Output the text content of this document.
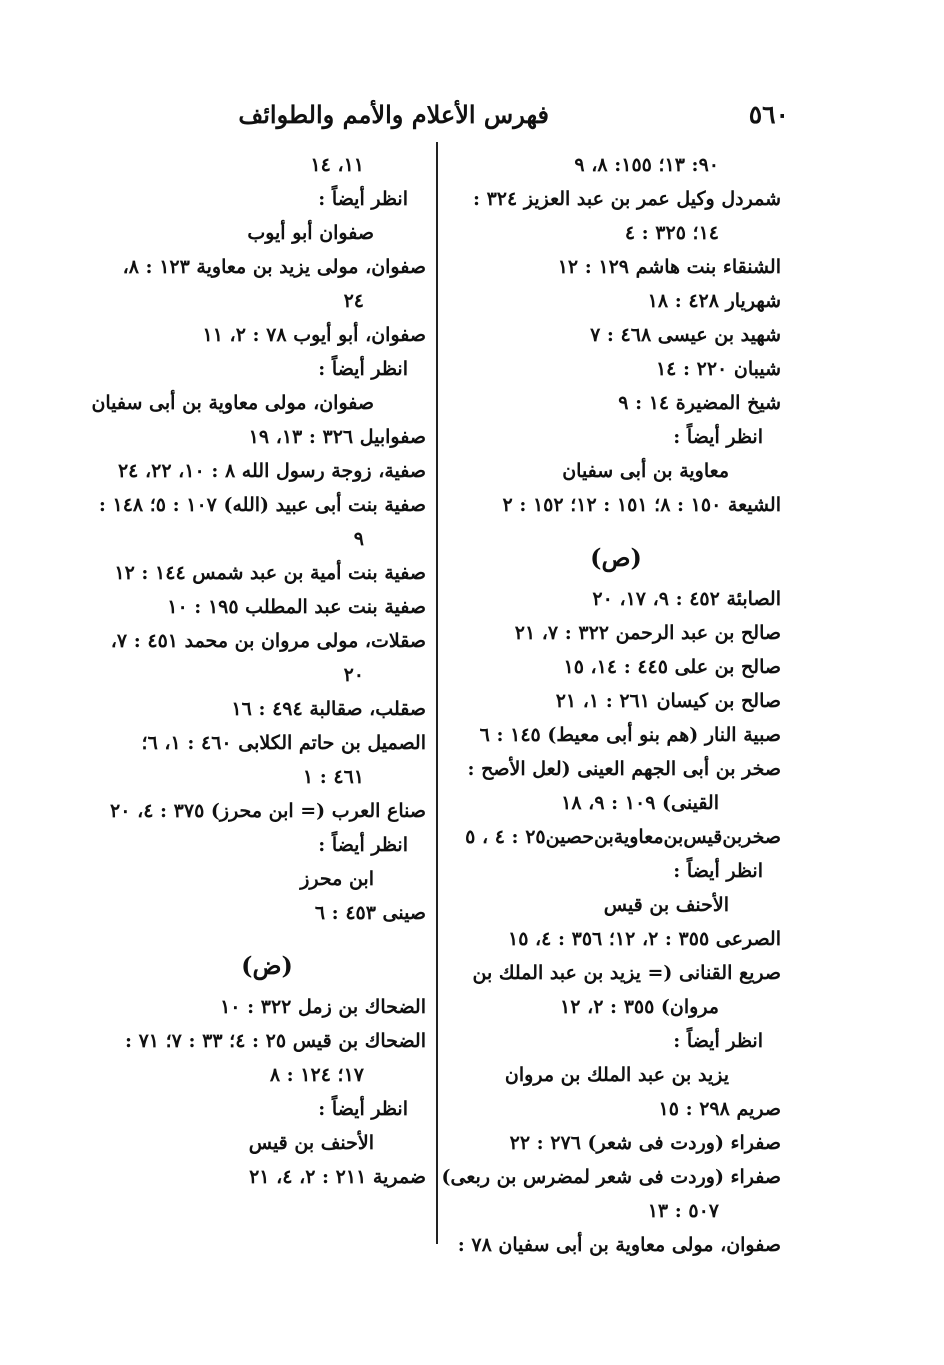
٥٦٠
فهرس الأعلام والأمم والطوائف
٩٠: ١٣؛ ١٥٥: ٨، ٩
شمردل وكيل عمر بن عبد العزيز ٣٢٤ :
١٤؛ ٣٢٥ : ٤
الشنقاء بنت هاشم ١٢٩ : ١٢
شهريار ٤٢٨ : ١٨
شهيد بن عيسى ٤٦٨ : ٧
شيبان ٢٢٠ : ١٤
شيخ المضيرة ١٤ : ٩
انظر أيضاً :
معاوية بن أبى سفيان
الشيعة ١٥٠ : ٨؛ ١٥١ : ١٢؛ ١٥٢ : ٢
(ص)
الصابئة ٤٥٢ : ٩، ١٧، ٢٠
صالح بن عبد الرحمن ٣٢٢ : ٧، ٢١
صالح بن على ٤٤٥ : ١٤، ١٥
صالح بن كيسان ٢٦١ : ١، ٢١
صبية النار (هم بنو أبى معيط) ١٤٥ : ٦
صخر بن أبى الجهم العينى (لعل الأصح :
القينى) ١٠٩ : ٩، ١٨
صخربن‌قيس‌بن‌معاوية‌بن‌حصين٢٥ : ٤ ، ٥
انظر أيضاً :
الأحنف بن قيس
الصرعى ٣٥٥ : ٢، ١٢؛ ٣٥٦ : ٤، ١٥
صريع القنانى (= يزيد بن عبد الملك بن
مروان) ٣٥٥ : ٢، ١٢
انظر أيضاً :
يزيد بن عبد الملك بن مروان
صريم ٢٩٨ : ١٥
صفراء (وردت فى شعر) ٢٧٦ : ٢٢
صفراء (وردت فى شعر لمضرس بن ربعى)
٥٠٧ : ١٣
صفوان، مولى معاوية بن أبى سفيان ٧٨ :
١١، ١٤
انظر أيضاً :
صفوان أبو أيوب
صفوان، مولى يزيد بن معاوية ١٢٣ : ٨،
٢٤
صفوان، أبو أيوب ٧٨ : ٢، ١١
انظر أيضاً :
صفوان، مولى معاوية بن أبى سفيان
صفوابيل ٣٢٦ : ١٣، ١٩
صفية، زوجة رسول الله ٨ : ١٠، ٢٢، ٢٤
صفية بنت أبى عبيد (الله) ١٠٧ : ٥؛ ١٤٨ :
٩
صفية بنت أمية بن عبد شمس ١٤٤ : ١٢
صفية بنت عبد المطلب ١٩٥ : ١٠
صقلات، مولى مروان بن محمد ٤٥١ : ٧،
٢٠
صقلب، صقالبة ٤٩٤ : ١٦
الصميل بن حاتم الكلابى ٤٦٠ : ١، ٦؛
٤٦١ : ١
صناع العرب (= ابن محرز) ٣٧٥ : ٤، ٢٠
انظر أيضاً :
ابن محرز
صينى ٤٥٣ : ٦
(ض)
الضحاك بن زمل ٣٢٢ : ١٠
الضحاك بن قيس ٢٥ : ٤؛ ٣٣ : ٧؛ ٧١ :
١٧؛ ١٢٤ : ٨
انظر أيضاً :
الأحنف بن قيس
ضمرية ٢١١ : ٢، ٤، ٢١
